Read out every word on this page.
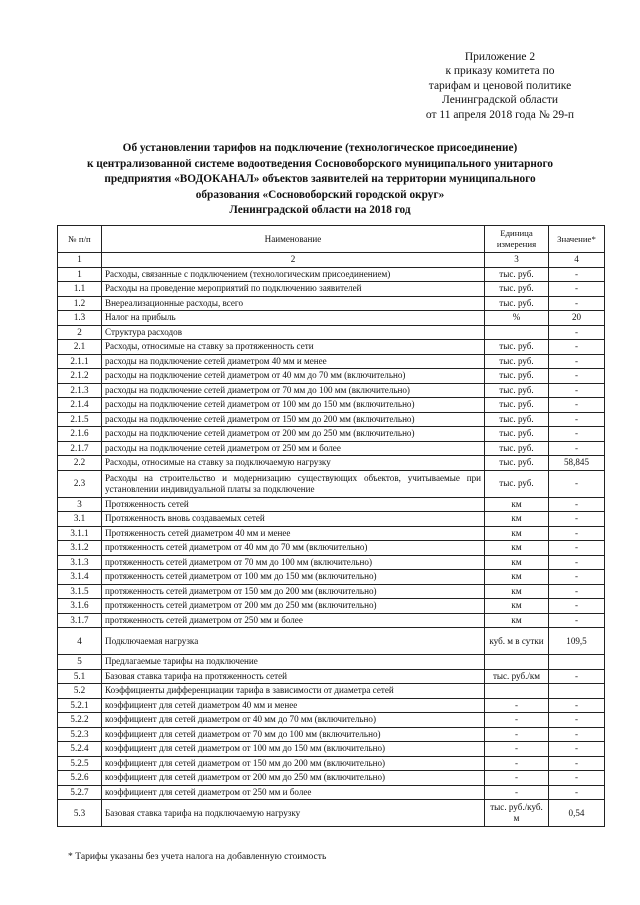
Приложение 2
к приказу комитета по
тарифам и ценовой политике
Ленинградской области
от 11 апреля 2018 года № 29-п
Об установлении тарифов на подключение (технологическое присоединение)
к централизованной системе водоотведения Сосновоборского муниципального унитарного
предприятия «ВОДОКАНАЛ» объектов заявителей на территории муниципального
образования «Сосновоборский городской округ»
Ленинградской области на 2018 год
№ п/п	Наименование	Единица измерения	Значение*
1	2	3	4
1	Расходы, связанные с подключением (технологическим присоединением)	тыс. руб.	-
1.1	Расходы на проведение мероприятий по подключению заявителей	тыс. руб.	-
1.2	Внереализационные расходы, всего	тыс. руб.	-
1.3	Налог на прибыль	%	20
2	Структура расходов		-
2.1	Расходы, относимые на ставку за протяженность сети	тыс. руб.	-
2.1.1	расходы на подключение сетей диаметром 40 мм и менее	тыс. руб.	-
2.1.2	расходы на подключение сетей диаметром от 40 мм до 70 мм (включительно)	тыс. руб.	-
2.1.3	расходы на подключение сетей диаметром от 70 мм до 100 мм (включительно)	тыс. руб.	-
2.1.4	расходы на подключение сетей диаметром от 100 мм до 150 мм (включительно)	тыс. руб.	-
2.1.5	расходы на подключение сетей диаметром от 150 мм до 200 мм (включительно)	тыс. руб.	-
2.1.6	расходы на подключение сетей диаметром от 200 мм до 250 мм (включительно)	тыс. руб.	-
2.1.7	расходы на подключение сетей диаметром от 250 мм и более	тыс. руб.	-
2.2	Расходы, относимые на ставку за подключаемую нагрузку	тыс. руб.	58,845
2.3	Расходы на строительство и модернизацию существующих объектов, учитываемые при установлении индивидуальной платы за подключение	тыс. руб.	-
3	Протяженность сетей	км	-
3.1	Протяженность вновь создаваемых сетей	км	-
3.1.1	Протяженность сетей диаметром 40 мм и менее	км	-
3.1.2	протяженность сетей диаметром от 40 мм до 70 мм (включительно)	км	-
3.1.3	протяженность сетей диаметром от 70 мм до 100 мм (включительно)	км	-
3.1.4	протяженность сетей диаметром от 100 мм до 150 мм (включительно)	км	-
3.1.5	протяженность сетей диаметром от 150 мм до 200 мм (включительно)	км	-
3.1.6	протяженность сетей диаметром от 200 мм до 250 мм (включительно)	км	-
3.1.7	протяженность сетей диаметром от 250 мм и более	км	-
4	Подключаемая нагрузка	куб. м в сутки	109,5
5	Предлагаемые тарифы на подключение		
5.1	Базовая ставка тарифа на протяженность сетей	тыс. руб./км	-
5.2	Коэффициенты дифференциации тарифа в зависимости от диаметра сетей		
5.2.1	коэффициент для сетей диаметром 40 мм и менее	-	-
5.2.2	коэффициент для сетей диаметром от 40 мм до 70 мм (включительно)	-	-
5.2.3	коэффициент для сетей диаметром от 70 мм до 100 мм (включительно)	-	-
5.2.4	коэффициент для сетей диаметром от 100 мм до 150 мм (включительно)	-	-
5.2.5	коэффициент для сетей диаметром от 150 мм до 200 мм (включительно)	-	-
5.2.6	коэффициент для сетей диаметром от 200 мм до 250 мм (включительно)	-	-
5.2.7	коэффициент для сетей диаметром от 250 мм и более	-	-
5.3	Базовая ставка тарифа на подключаемую нагрузку	тыс. руб./куб. м	0,54
* Тарифы указаны без учета налога на добавленную стоимость
